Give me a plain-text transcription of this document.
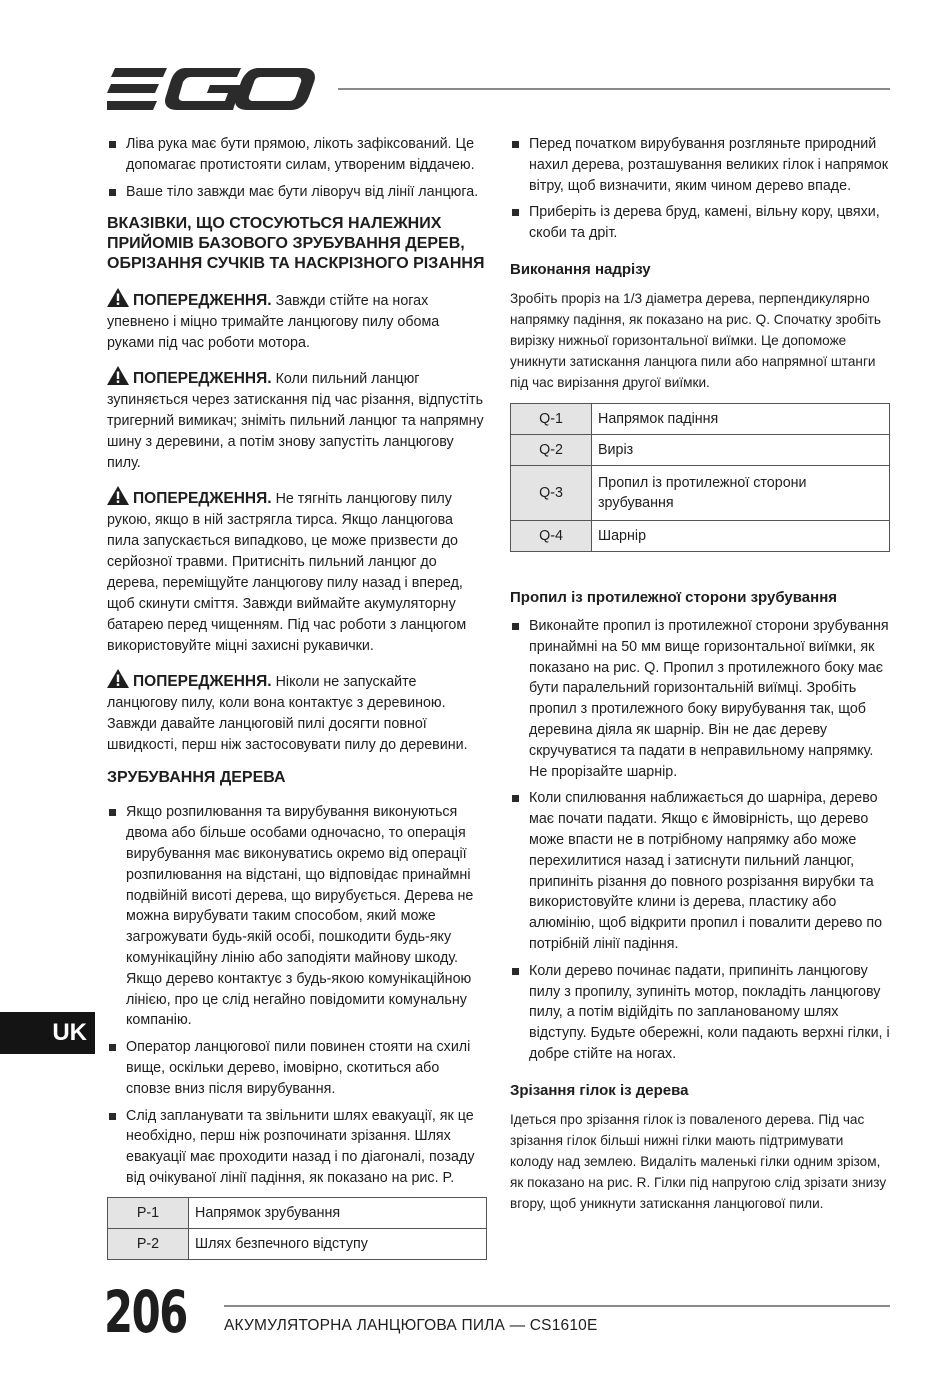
Ліва рука має бути прямою, лікоть зафіксований. Це допомагає протистояти силам, утвореним віддачею.
Ваше тіло завжди має бути ліворуч від лінії ланцюга.
ВКАЗІВКИ, ЩО СТОСУЮТЬСЯ НАЛЕЖНИХ ПРИЙОМІВ БАЗОВОГО ЗРУБУВАННЯ ДЕРЕВ, ОБРІЗАННЯ СУЧКІВ ТА НАСКРІЗНОГО РІЗАННЯ

ПОПЕРЕДЖЕННЯ. Завжди стійте на ногах упевнено і міцно тримайте ланцюгову пилу обома руками під час роботи мотора.

ПОПЕРЕДЖЕННЯ. Коли пильний ланцюг зупиняється через затискання під час різання, відпустіть тригерний вимикач; зніміть пильний ланцюг та напрямну шину з деревини, а потім знову запустіть ланцюгову пилу.

ПОПЕРЕДЖЕННЯ. Не тягніть ланцюгову пилу рукою, якщо в ній застрягла тирса. Якщо ланцюгова пила запускається випадково, це може призвести до серйозної травми. Притисніть пильний ланцюг до дерева, переміщуйте ланцюгову пилу назад і вперед, щоб скинути сміття. Завжди виймайте акумуляторну батарею перед чищенням. Під час роботи з ланцюгом використовуйте міцні захисні рукавички.

ПОПЕРЕДЖЕННЯ. Ніколи не запускайте ланцюгову пилу, коли вона контактує з деревиною. Завжди давайте ланцюговій пилі досягти повної швидкості, перш ніж застосовувати пилу до деревини.

ЗРУБУВАННЯ ДЕРЕВА
Якщо розпилювання та вирубування виконуються двома або більше особами одночасно, то операція вирубування має виконуватись окремо від операції розпилювання на відстані, що відповідає принаймні подвійній висоті дерева, що вирубується. Дерева не можна вирубувати таким способом, який може загрожувати будь-якій особі, пошкодити будь-яку комунікаційну лінію або заподіяти майнову шкоду. Якщо дерево контактує з будь-якою комунікаційною лінією, про це слід негайно повідомити комунальну компанію.
Оператор ланцюгової пили повинен стояти на схилі вище, оскільки дерево, імовірно, скотиться або сповзе вниз після вирубування.
Слід запланувати та звільнити шлях евакуації, як це необхідно, перш ніж розпочинати зрізання. Шлях евакуації має проходити назад і по діагоналі, позаду від очікуваної лінії падіння, як показано на рис. P.
P-1	Напрямок зрубування
P-2	Шлях безпечного відступу
Перед початком вирубування розгляньте природний нахил дерева, розташування великих гілок і напрямок вітру, щоб визначити, яким чином дерево впаде.
Приберіть із дерева бруд, камені, вільну кору, цвяхи, скоби та дріт.
Виконання надрізу

Зробіть проріз на 1/3 діаметра дерева, перпендикулярно напрямку падіння, як показано на рис. Q. Спочатку зробіть вирізку нижньої горизонтальної виїмки. Це допоможе уникнути затискання ланцюга пили або напрямної штанги під час вирізання другої виїмки.

Q-1	Напрямок падіння
Q-2	Виріз
Q-3	Пропил із протилежної сторони зрубування
Q-4	Шарнір
Пропил із протилежної сторони зрубування
Виконайте пропил із протилежної сторони зрубування принаймні на 50 мм вище горизонтальної виїмки, як показано на рис. Q. Пропил з протилежного боку має бути паралельний горизонтальній виїмці. Зробіть пропил з протилежного боку вирубування так, щоб деревина діяла як шарнір. Він не дає дереву скручуватися та падати в неправильному напрямку. Не прорізайте шарнір.
Коли спилювання наближається до шарніра, дерево має почати падати. Якщо є ймовірність, що дерево може впасти не в потрібному напрямку або може перехилитися назад і затиснути пильний ланцюг, припиніть різання до повного розрізання вирубки та використовуйте клини із дерева, пластику або алюмінію, щоб відкрити пропил і повалити дерево по потрібній лінії падіння.
Коли дерево починає падати, припиніть ланцюгову пилу з пропилу, зупиніть мотор, покладіть ланцюгову пилу, а потім відійдіть по запланованому шлях відступу. Будьте обережні, коли падають верхні гілки, і добре стійте на ногах.
Зрізання гілок із дерева

Ідеться про зрізання гілок із поваленого дерева. Під час зрізання гілок більші нижні гілки мають підтримувати колоду над землею. Видаліть маленькі гілки одним зрізом, як показано на рис. R. Гілки під напругою слід зрізати знизу вгору, щоб уникнути затискання ланцюгової пили.

UK
206 АКУМУЛЯТОРНА ЛАНЦЮГОВА ПИЛА — CS1610E
